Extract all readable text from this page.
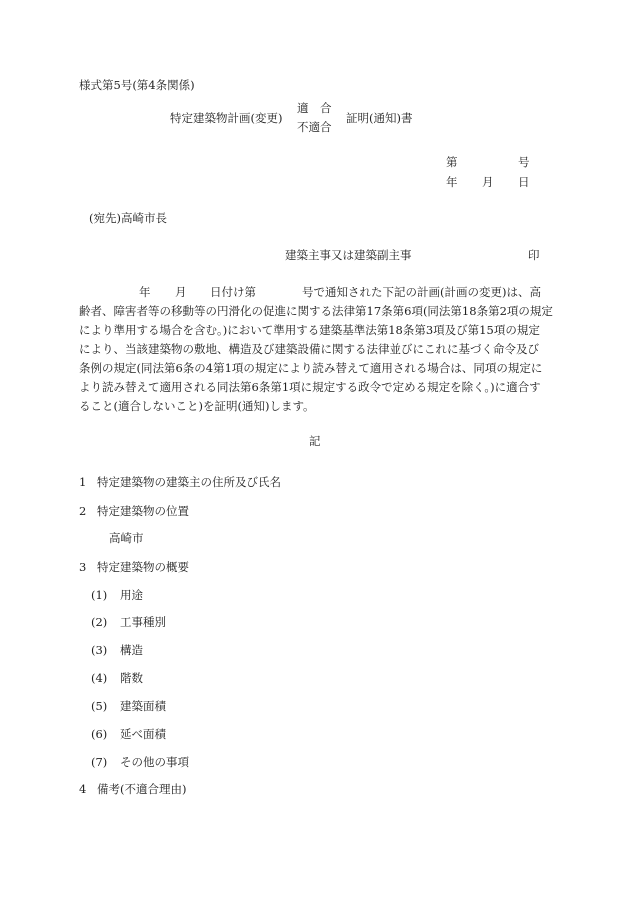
様式第5号(第4条関係)
特定建築物計画(変更)
適　合
不適合
証明(通知)書
第	号
年 月 日
(宛先)高崎市長
建築主事又は建築副主事	印
年 月 日付け第	号で通知された下記の計画(計画の変更)は、高
齢者、障害者等の移動等の円滑化の促進に関する法律第17条第6項(同法第18条第2項の規定
により準用する場合を含む。)において準用する建築基準法第18条第3項及び第15項の規定
により、当該建築物の敷地、構造及び建築設備に関する法律並びにこれに基づく命令及び
条例の規定(同法第6条の4第1項の規定により読み替えて適用される場合は、同項の規定に
より読み替えて適用される同法第6条第1項に規定する政令で定める規定を除く。)に適合す
ること(適合しないこと)を証明(通知)します。
記
1 特定建築物の建築主の住所及び氏名
2 特定建築物の位置
高崎市
3 特定建築物の概要
(1) 用途
(2) 工事種別
(3) 構造
(4) 階数
(5) 建築面積
(6) 延べ面積
(7) その他の事項
4 備考(不適合理由)
